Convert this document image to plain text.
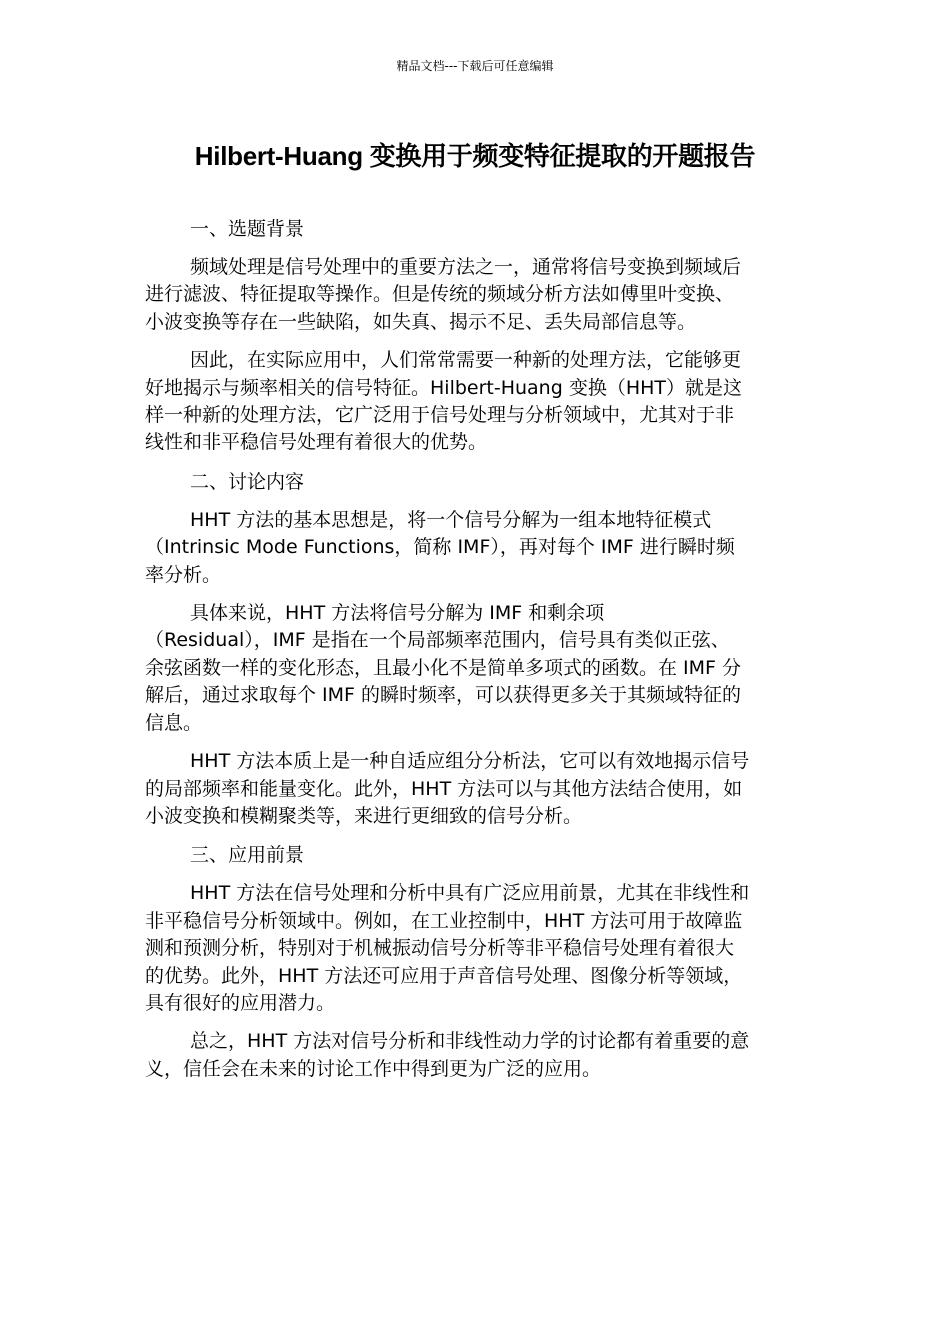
精品文档---下载后可任意编辑
Hilbert-Huang 变换用于频变特征提取的开题报告

一、选题背景

频域处理是信号处理中的重要方法之一，通常将信号变换到频域后
进行滤波、特征提取等操作。但是传统的频域分析方法如傅里叶变换、
小波变换等存在一些缺陷，如失真、揭示不足、丢失局部信息等。
因此，在实际应用中，人们常常需要一种新的处理方法，它能够更
好地揭示与频率相关的信号特征。Hilbert-Huang 变换（HHT）就是这
样一种新的处理方法，它广泛用于信号处理与分析领域中，尤其对于非
线性和非平稳信号处理有着很大的优势。

二、讨论内容

HHT 方法的基本思想是，将一个信号分解为一组本地特征模式
（Intrinsic Mode Functions，简称 IMF），再对每个 IMF 进行瞬时频
率分析。
具体来说，HHT 方法将信号分解为 IMF 和剩余项
（Residual），IMF 是指在一个局部频率范围内，信号具有类似正弦、
余弦函数一样的变化形态，且最小化不是简单多项式的函数。在 IMF 分
解后，通过求取每个 IMF 的瞬时频率，可以获得更多关于其频域特征的
信息。
HHT 方法本质上是一种自适应组分分析法，它可以有效地揭示信号
的局部频率和能量变化。此外，HHT 方法可以与其他方法结合使用，如
小波变换和模糊聚类等，来进行更细致的信号分析。

三、应用前景

HHT 方法在信号处理和分析中具有广泛应用前景，尤其在非线性和
非平稳信号分析领域中。例如，在工业控制中，HHT 方法可用于故障监
测和预测分析，特别对于机械振动信号分析等非平稳信号处理有着很大
的优势。此外，HHT 方法还可应用于声音信号处理、图像分析等领域，
具有很好的应用潜力。
总之，HHT 方法对信号分析和非线性动力学的讨论都有着重要的意
义，信任会在未来的讨论工作中得到更为广泛的应用。
